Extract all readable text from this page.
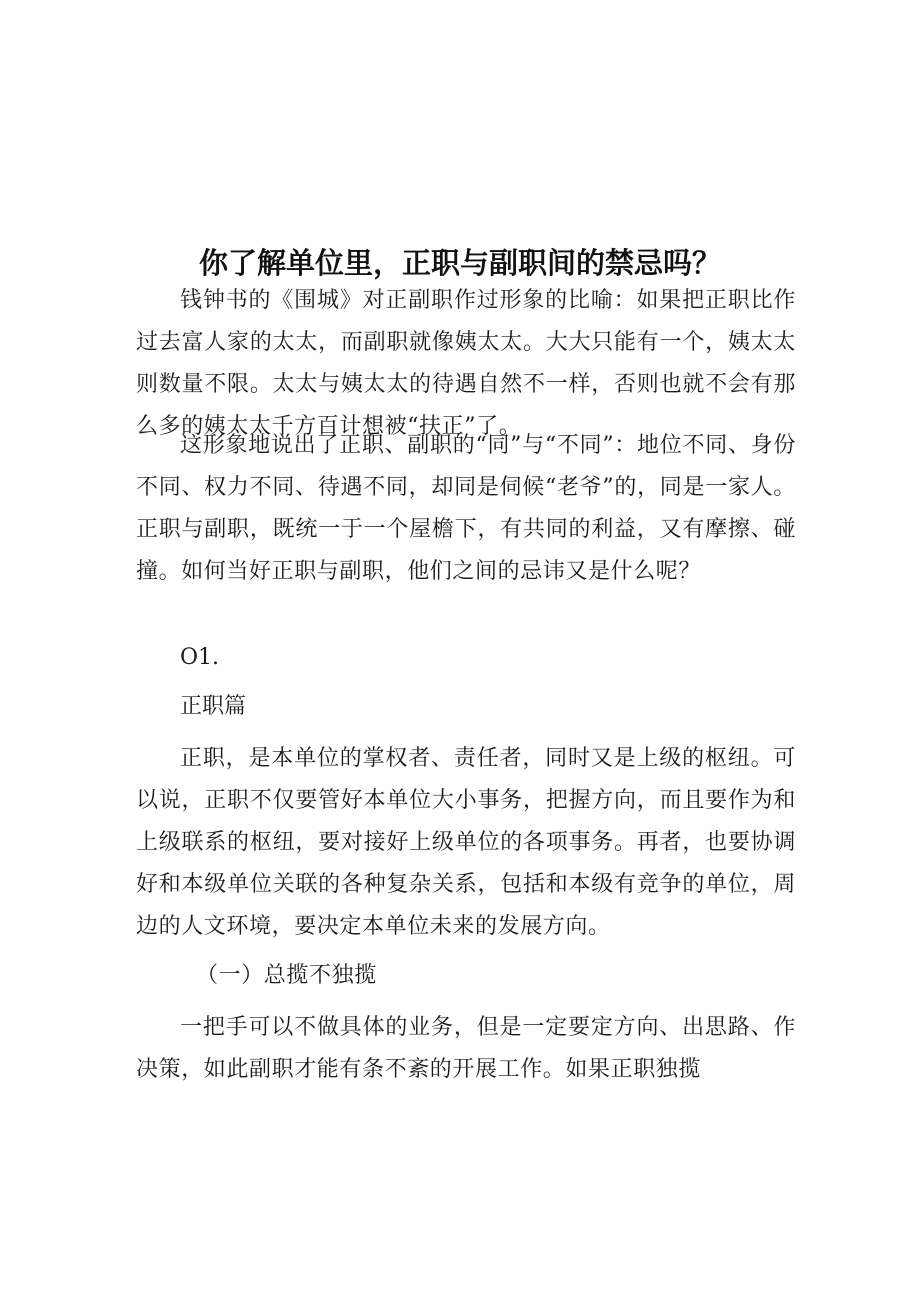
你了解单位里，正职与副职间的禁忌吗？

钱钟书的《围城》对正副职作过形象的比喻：如果把正职比作过去富人家的太太，而副职就像姨太太。大大只能有一个，姨太太则数量不限。太太与姨太太的待遇自然不一样，否则也就不会有那么多的姨太太千方百计想被“扶正”了。

这形象地说出了正职、副职的“同”与“不同”：地位不同、身份不同、权力不同、待遇不同，却同是伺候“老爷”的，同是一家人。正职与副职，既统一于一个屋檐下，有共同的利益，又有摩擦、碰撞。如何当好正职与副职，他们之间的忌讳又是什么呢？

O1.

正职篇

正职，是本单位的掌权者、责任者，同时又是上级的枢纽。可以说，正职不仅要管好本单位大小事务，把握方向，而且要作为和上级联系的枢纽，要对接好上级单位的各项事务。再者，也要协调好和本级单位关联的各种复杂关系，包括和本级有竞争的单位，周边的人文环境，要决定本单位未来的发展方向。

（一）总揽不独揽

一把手可以不做具体的业务，但是一定要定方向、出思路、作决策，如此副职才能有条不紊的开展工作。如果正职独揽
